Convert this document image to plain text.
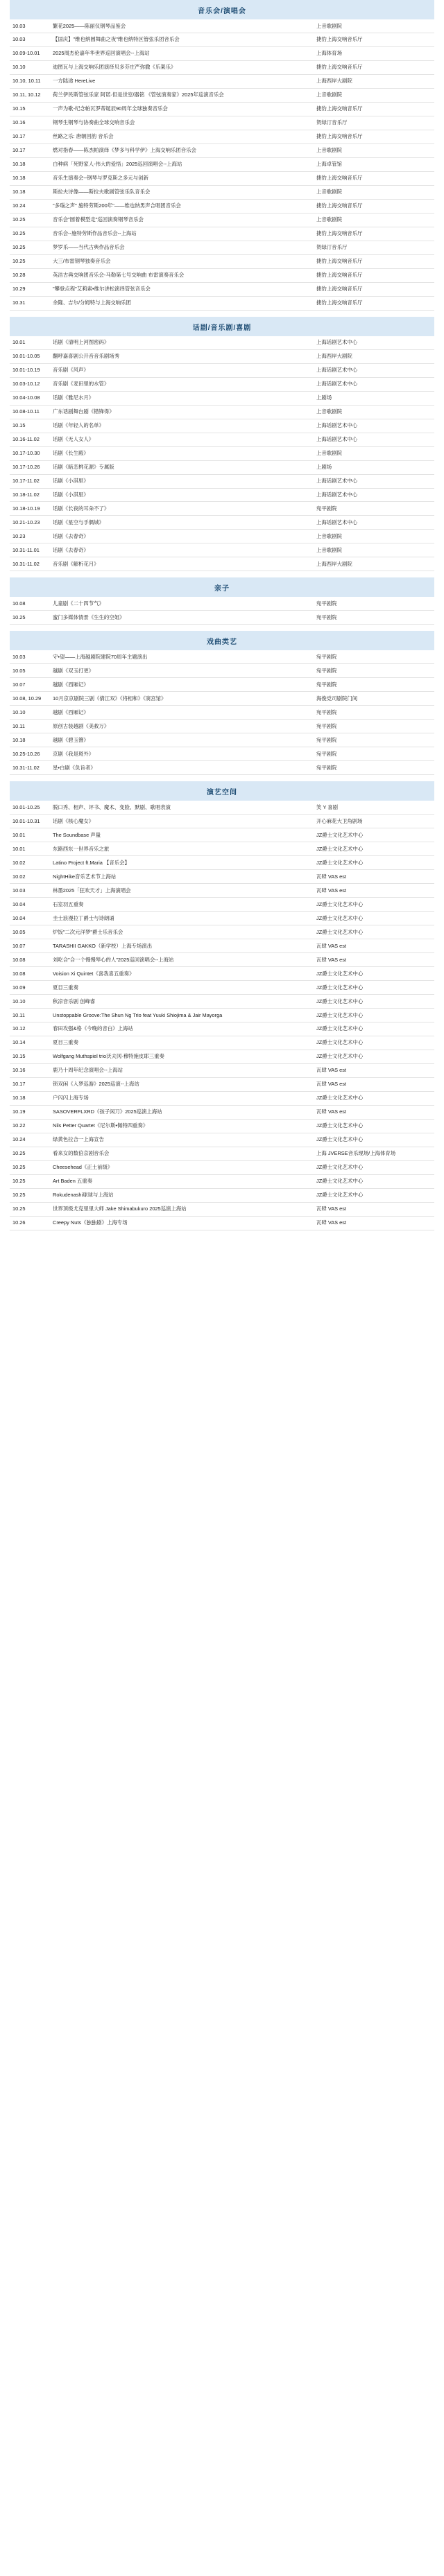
音乐会/演唱会		
10.03	繁花2025——陈丽仪钢琴品鉴会	上音歌剧院
10.03	【国庆】"维也纳圆舞曲之夜"维也纳特区管弦乐团音乐会	捷豹上海交响音乐厅
10.09-10.01	2025周杰伦嘉年华世界巡回演唱会--上海站	上海体育场
10.10	迪图瓦与上海交响乐团演绎贝多芬庄严弥撒《乐架乐》	捷豹上海交响音乐厅
10.10, 10.11	一方陆途 HereLive	上海西岸大剧院
10.11, 10.12	荷兰伊民斯管弦乐家 阿诺·但是世室/器铭 《管弦演奏家》2025年巡演音乐会	上音歌剧院
10.15	一声为歌-纪念帕瓦罗蒂诞辰90周年全球独奏音乐会	捷豹上海交响音乐厅
10.16	钢琴生钢琴与协奏曲全球交响音乐会	贺绿汀音乐厅
10.17	丝路之乐: 唐朝回韵 音乐会	捷豹上海交响音乐厅
10.17	燃对指春——陈杰帕演绎《梦多与科学伊》上海交响乐团音乐会	上音歌剧院
10.18	白种病「死野家人-伟大的爱悟」2025巡回演唱会--上海站	上海卓管馆
10.18	音乐生演奏会--钢琴与罗克斯之多元与创新	捷豹上海交响音乐厅
10.18	斯拉夫诗像——斯拉夫歌剧管弦乐队音乐会	上音歌剧院
10.24	"多瑙之声" 施特劳斯200年"——维也纳男声合唱团音乐会	捷豹上海交响音乐厅
10.25	音乐会"圆着模型走"巡回演奏钢琴音乐会	上音歌剧院
10.25	音乐会--施特劳斯作品音乐会--上海站	捷豹上海交响音乐厅
10.25	梦罗乐——当代古典作品音乐会	贺绿汀音乐厅
10.25	大三/布雷钢琴独奏音乐会	捷豹上海交响音乐厅
10.28	英洁古典交响团音乐会-马勒第七号交响曲 布雷演奏音乐会	捷豹上海交响音乐厅
10.29	"攀登点程"艾莉索•维尔讲松演绎管弦音乐会	捷豹上海交响音乐厅
10.31	余隆、吉尔/分姆特与上海交响乐团	捷豹上海交响音乐厅

话剧/音乐剧/喜剧		
10.01	话剧《清明上河图密码》	上海话剧艺术中心
10.01-10.05	翻呼嘉喜剧公开音音乐剧场秀	上海西岸大剧院
10.01-10.19	音乐剧《风声》	上海话剧艺术中心
10.03-10.12	音乐剧《麦田里的水管》	上海话剧艺术中心
10.04-10.08	话剧《雅尼水月》	上剧场
10.08-10.11	广东话剧舞台剧《错锋得》	上音歌剧院
10.15	话剧《年轻人的名单》	上海话剧艺术中心
10.16-11.02	话剧《无人女人》	上海话剧艺术中心
10.17-10.30	话剧《长生殿》	上音歌剧院
10.17-10.26	话剧《暗恋桃花源》专属版	上剧场
10.17-11.02	话剧《小淇里》	上海话剧艺术中心
10.18-11.02	话剧《小淇里》	上海话剧艺术中心
10.18-10.19	话剧《长夜的耳朵不了》	宛平剧院
10.21-10.23	话剧《星空与手偶城》	上海话剧艺术中心
10.23	话剧《去春奇》	上音歌剧院
10.31-11.01	话剧《去春奇》	上音歌剧院
10.31-11.02	音乐剧《解析花月》	上海西岸大剧院

亲子		
10.08	儿童剧《二十四节气》	宛平剧院
10.25	蜜门多媒体情景《生生的空姐》	宛平剧院

戏曲类艺		
10.03	守•望——上海越剧院建院70周年主题演出	宛平剧院
10.05	越剧《双玉打更》	宛平剧院
10.07	越剧《西厢记》	宛平剧院
10.08, 10.29	10月京京剧院三剧《倩江双》《将相和》《窦宫馆》	海俊党司剧院门间
10.10	越剧《西厢记》	宛平剧院
10.11	原创古装越剧《美救万》	宛平剧院
10.18	越剧《碧玉簪》	宛平剧院
10.25-10.26	京剧《我是斑外》	宛平剧院
10.31-11.02	星•白剧《负旨者》	宛平剧院

演艺空间		
10.01-10.25	脱口秀、相声、评书、魔术、变脸、默剧、歌唱表演	笑 Y 喜剧
10.01-10.31	话剧《核心魔女》	开心麻花大卫角剧场
10.01	The Soundbase 声量	JZ爵士文化艺术中心
10.01	东路西东一世界音乐之旅	JZ爵士文化艺术中心
10.02	Latino Project ft.Maria 【音乐会】	JZ爵士文化艺术中心
10.02	NightHike音乐艺术节上海站	瓦肆 VAS est
10.03	林墨2025「狂欢天才」上海演唱会	瓦肆 VAS est
10.04	石室羽五重奏	JZ爵士文化艺术中心
10.04	圭士浪漫拉丁爵士与诗朗诵	JZ爵士文化艺术中心
10.05	炉饭"二次元洋梦"爵士乐音乐会	JZ爵士文化艺术中心
10.07	TARASHII GAKKO（新学校）上海专场演出	瓦肆 VAS est
10.08	刘吃合"合一个慢慢琴心的人"2025巡回演唱会--上海站	瓦肆 VAS est
10.08	Voision Xi Quintet《喜我喜五重奏》	JZ爵士文化艺术中心
10.09	夏目三重奏	JZ爵士文化艺术中心
10.10	秋凉音乐剧 创峰睿	JZ爵士文化艺术中心
10.11	Unstoppable Groove:The Shun Ng Trio feat Yuuki Shiojima & Jair Mayorga	JZ爵士文化艺术中心
10.12	春田攻强&格《今晚的音白》上海站	JZ爵士文化艺术中心
10.14	夏目三重奏	JZ爵士文化艺术中心
10.15	Wolfgang Muthspiel trio沃夫冈·穆特施皮耶三重奏	JZ爵士文化艺术中心
10.16	鹿乃十周年纪念演唱会--上海站	瓦肆 VAS est
10.17	锁双闲《入梦巡游》2025巡演--上海站	瓦肆 VAS est
10.18	户闪闪上海专场	JZ爵士文化艺术中心
10.19	SASOVERFLXRD《孩子闲刀》2025巡演上海站	瓦肆 VAS est
10.22	Nils Petter Quartet《尼尔斯•佩特四重奏》	JZ爵士文化艺术中心
10.24	绿黄色拉合一上海宣告	JZ爵士文化艺术中心
10.25	看来女的数倍京剧音乐会	上海 JVERSE音乐现场/上海体育场
10.25	Cheesehead《正土前级》	JZ爵士文化艺术中心
10.25	Art Baden 五重奏	JZ爵士文化艺术中心
10.25	Rokudenashi球球与上海站	JZ爵士文化艺术中心
10.25	世界顶级尤克里里大师 Jake Shimabukuro 2025巡演上海站	瓦肆 VAS est
10.26	Creepy Nuts《独独剧》上海专场	瓦肆 VAS est
